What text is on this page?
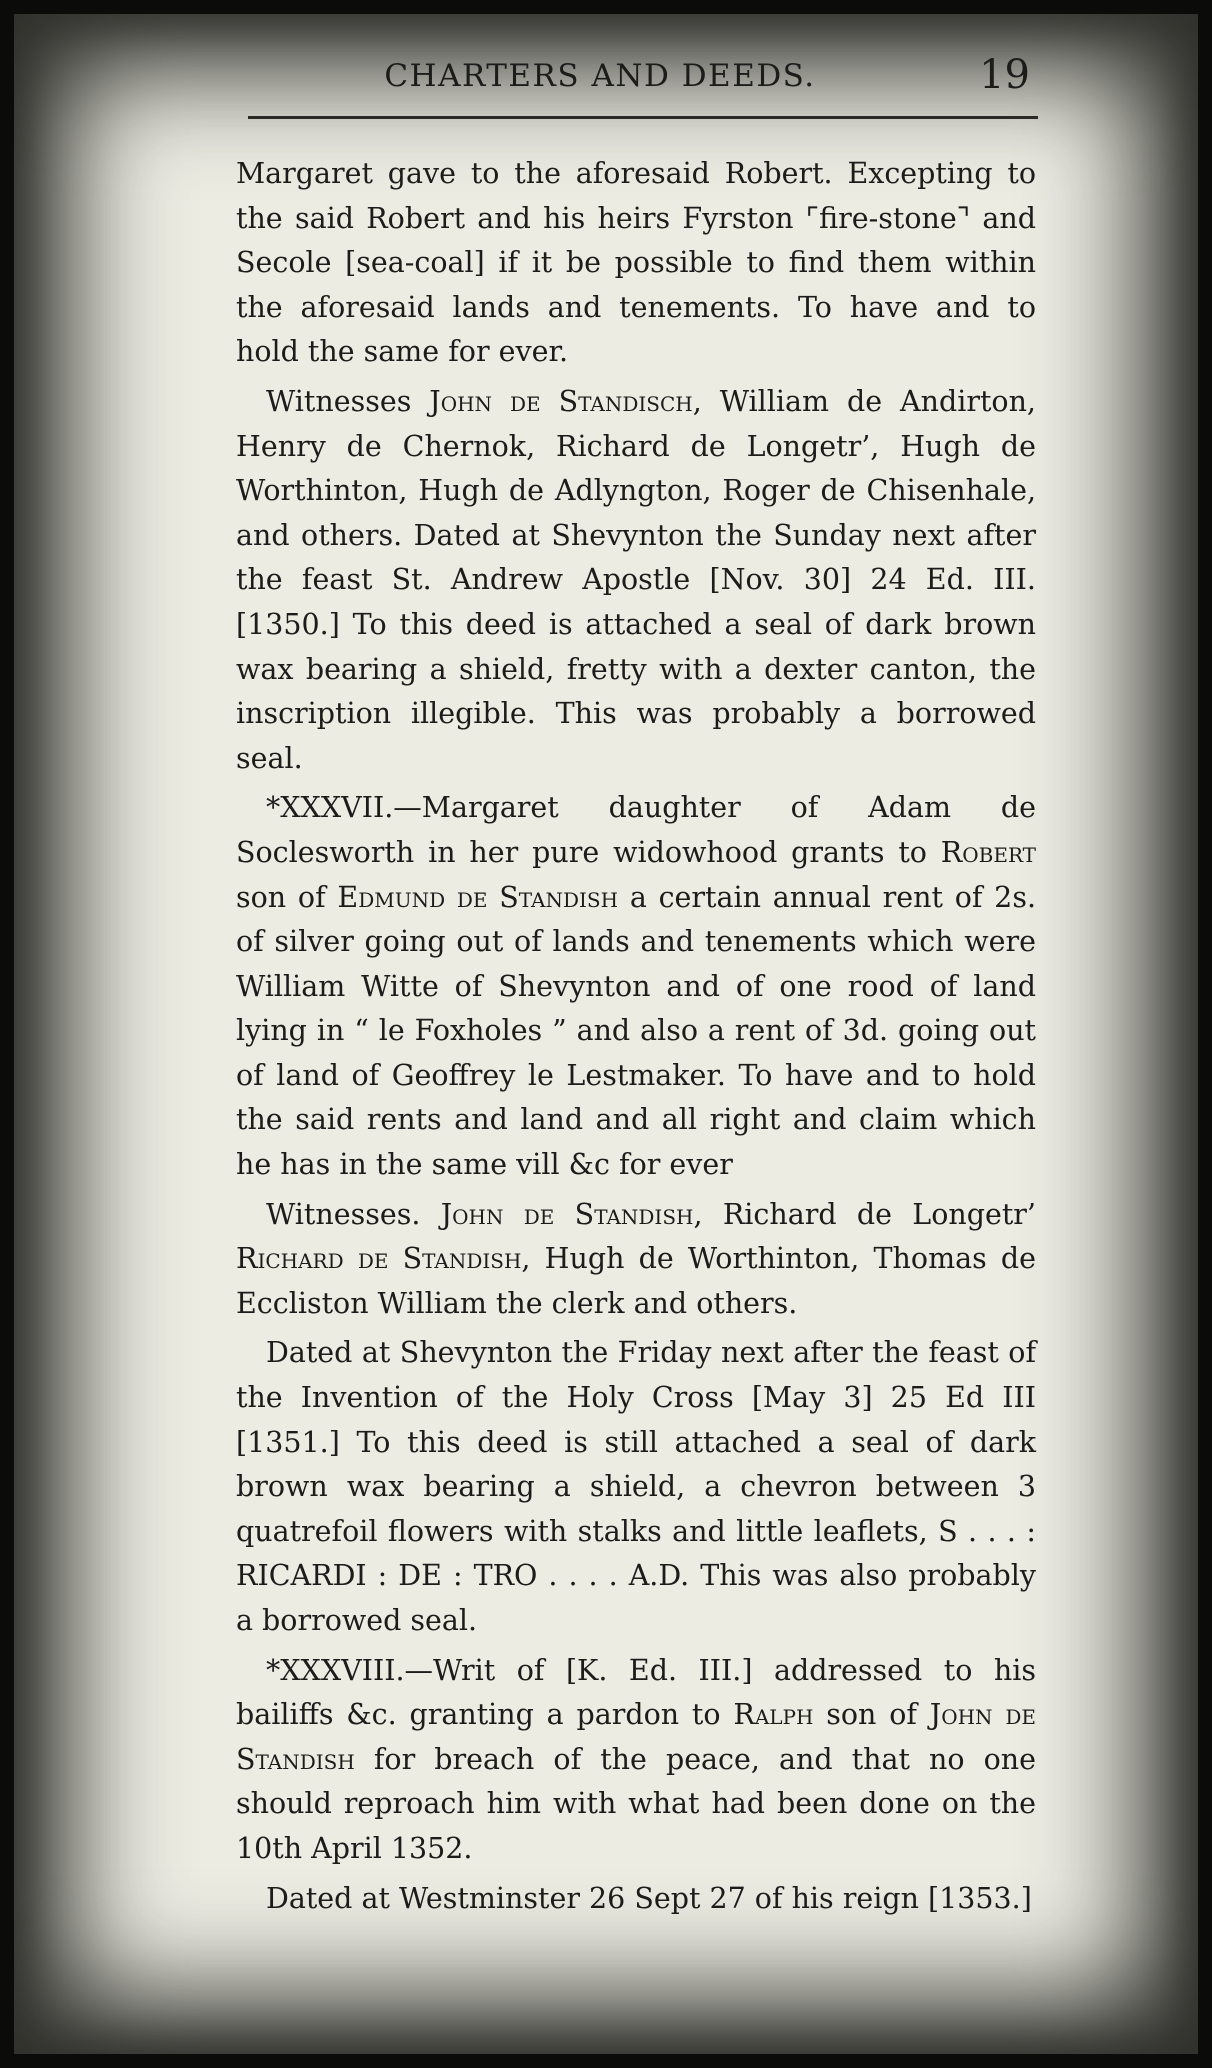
CHARTERS AND DEEDS.	19

Margaret gave to the aforesaid Robert. Excepting to the said Robert and his heirs Fyrston ⌜fire-stone⌝ and Secole [sea-coal] if it be possible to find them within the aforesaid lands and tenements. To have and to hold the same for ever.

Witnesses John de Standisch, William de Andirton, Henry de Chernok, Richard de Longetr’, Hugh de Worthinton, Hugh de Adlyngton, Roger de Chisenhale, and others. Dated at Shevynton the Sunday next after the feast St. Andrew Apostle [Nov. 30] 24 Ed. III. [1350.] To this deed is attached a seal of dark brown wax bearing a shield, fretty with a dexter canton, the inscription illegible. This was probably a borrowed seal.

*XXXVII.—Margaret daughter of Adam de Soclesworth in her pure widowhood grants to Robert son of Edmund de Standish a certain annual rent of 2s. of silver going out of lands and tenements which were William Witte of Shevynton and of one rood of land lying in “ le Foxholes ” and also a rent of 3d. going out of land of Geoffrey le Lestmaker. To have and to hold the said rents and land and all right and claim which he has in the same vill &c for ever

Witnesses. John de Standish, Richard de Longetr’ Richard de Standish, Hugh de Worthinton, Thomas de Eccliston William the clerk and others.

Dated at Shevynton the Friday next after the feast of the Invention of the Holy Cross [May 3] 25 Ed III [1351.] To this deed is still attached a seal of dark brown wax bearing a shield, a chevron between 3 quatrefoil flowers with stalks and little leaflets, S . . . : RICARDI : DE : TRO . . . . A.D. This was also probably a borrowed seal.

*XXXVIII.—Writ of [K. Ed. III.] addressed to his bailiffs &c. granting a pardon to Ralph son of John de Standish for breach of the peace, and that no one should reproach him with what had been done on the 10th April 1352.

Dated at Westminster 26 Sept 27 of his reign [1353.]
